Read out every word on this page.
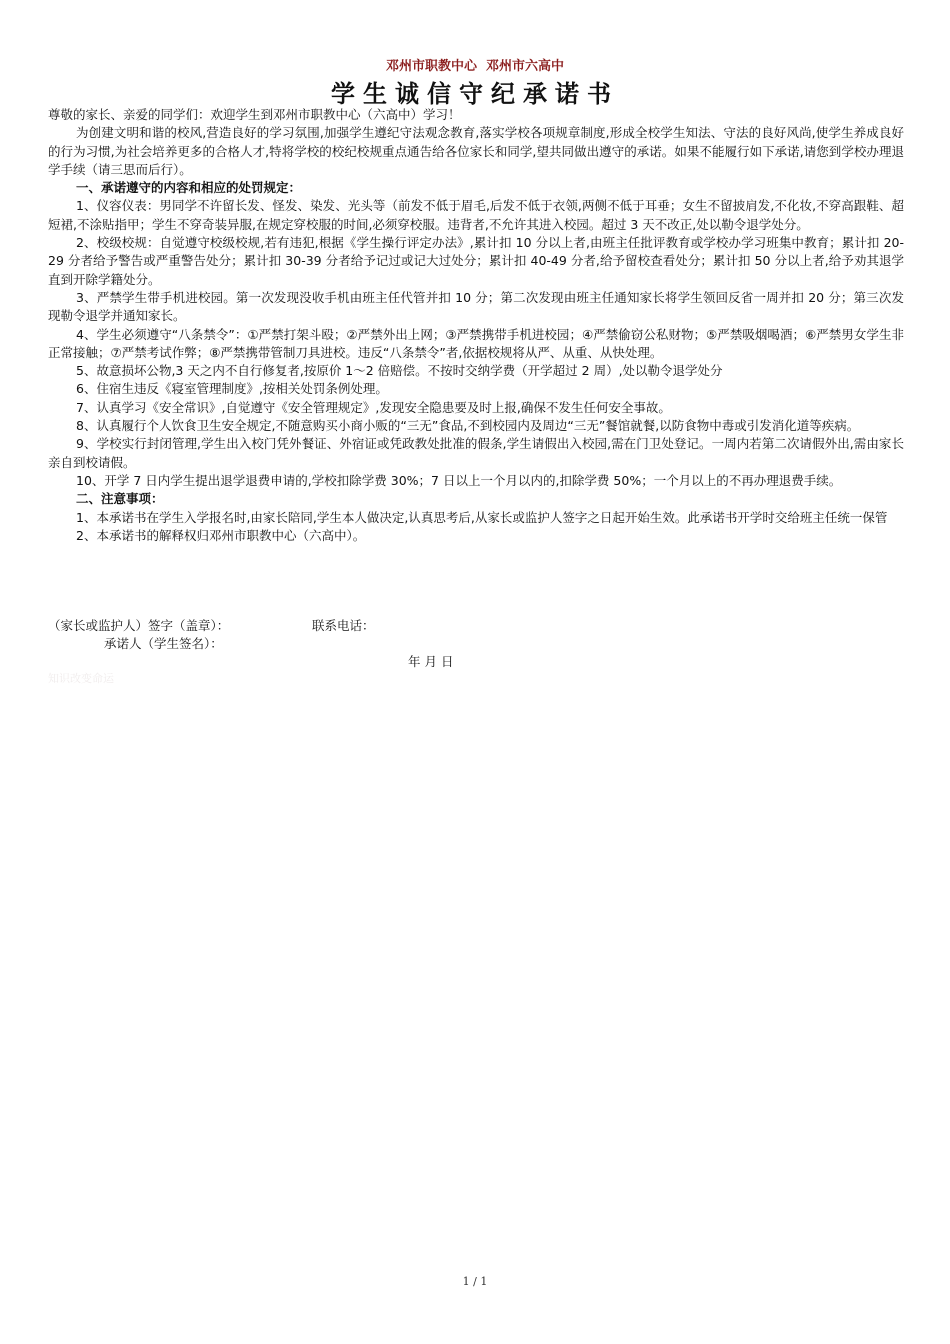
邓州市职教中心  邓州市六高中
学生诚信守纪承诺书

尊敬的家长、亲爱的同学们：欢迎学生到邓州市职教中心（六高中）学习！

为创建文明和谐的校风,营造良好的学习氛围,加强学生遵纪守法观念教育,落实学校各项规章制度,形成全校学生知法、守法的良好风尚,使学生养成良好的行为习惯,为社会培养更多的合格人才,特将学校的校纪校规重点通告给各位家长和同学,望共同做出遵守的承诺。如果不能履行如下承诺,请您到学校办理退学手续（请三思而后行）。

一、承诺遵守的内容和相应的处罚规定：

1、仪容仪表：男同学不许留长发、怪发、染发、光头等（前发不低于眉毛,后发不低于衣领,两侧不低于耳垂；女生不留披肩发,不化妆,不穿高跟鞋、超短裙,不涂贴指甲；学生不穿奇装异服,在规定穿校服的时间,必须穿校服。违背者,不允许其进入校园。超过 3 天不改正,处以勒令退学处分。

2、校级校规：自觉遵守校级校规,若有违犯,根据《学生操行评定办法》,累计扣 10 分以上者,由班主任批评教育或学校办学习班集中教育；累计扣 20-29 分者给予警告或严重警告处分；累计扣 30-39 分者给予记过或记大过处分；累计扣 40-49 分者,给予留校查看处分；累计扣 50 分以上者,给予劝其退学直到开除学籍处分。

3、严禁学生带手机进校园。第一次发现没收手机由班主任代管并扣 10 分；第二次发现由班主任通知家长将学生领回反省一周并扣 20 分；第三次发现勒令退学并通知家长。

4、学生必须遵守“八条禁令”：①严禁打架斗殴；②严禁外出上网；③严禁携带手机进校园；④严禁偷窃公私财物；⑤严禁吸烟喝酒；⑥严禁男女学生非正常接触；⑦严禁考试作弊；⑧严禁携带管制刀具进校。违反“八条禁令”者,依据校规将从严、从重、从快处理。

5、故意损坏公物,3 天之内不自行修复者,按原价 1～2 倍赔偿。不按时交纳学费（开学超过 2 周）,处以勒令退学处分

6、住宿生违反《寝室管理制度》,按相关处罚条例处理。

7、认真学习《安全常识》,自觉遵守《安全管理规定》,发现安全隐患要及时上报,确保不发生任何安全事故。

8、认真履行个人饮食卫生安全规定,不随意购买小商小贩的“三无”食品,不到校园内及周边“三无”餐馆就餐,以防食物中毒或引发消化道等疾病。

9、学校实行封闭管理,学生出入校门凭外餐证、外宿证或凭政教处批准的假条,学生请假出入校园,需在门卫处登记。一周内若第二次请假外出,需由家长亲自到校请假。

10、开学 7 日内学生提出退学退费申请的,学校扣除学费 30%；7 日以上一个月以内的,扣除学费 50%；一个月以上的不再办理退费手续。

二、注意事项：

1、本承诺书在学生入学报名时,由家长陪同,学生本人做决定,认真思考后,从家长或监护人签字之日起开始生效。此承诺书开学时交给班主任统一保管

2、本承诺书的解释权归邓州市职教中心（六高中）。

（家长或监护人）签字（盖章）：	联系电话：
承诺人（学生签名）：
年 月 日
知识改变命运
1 / 1
